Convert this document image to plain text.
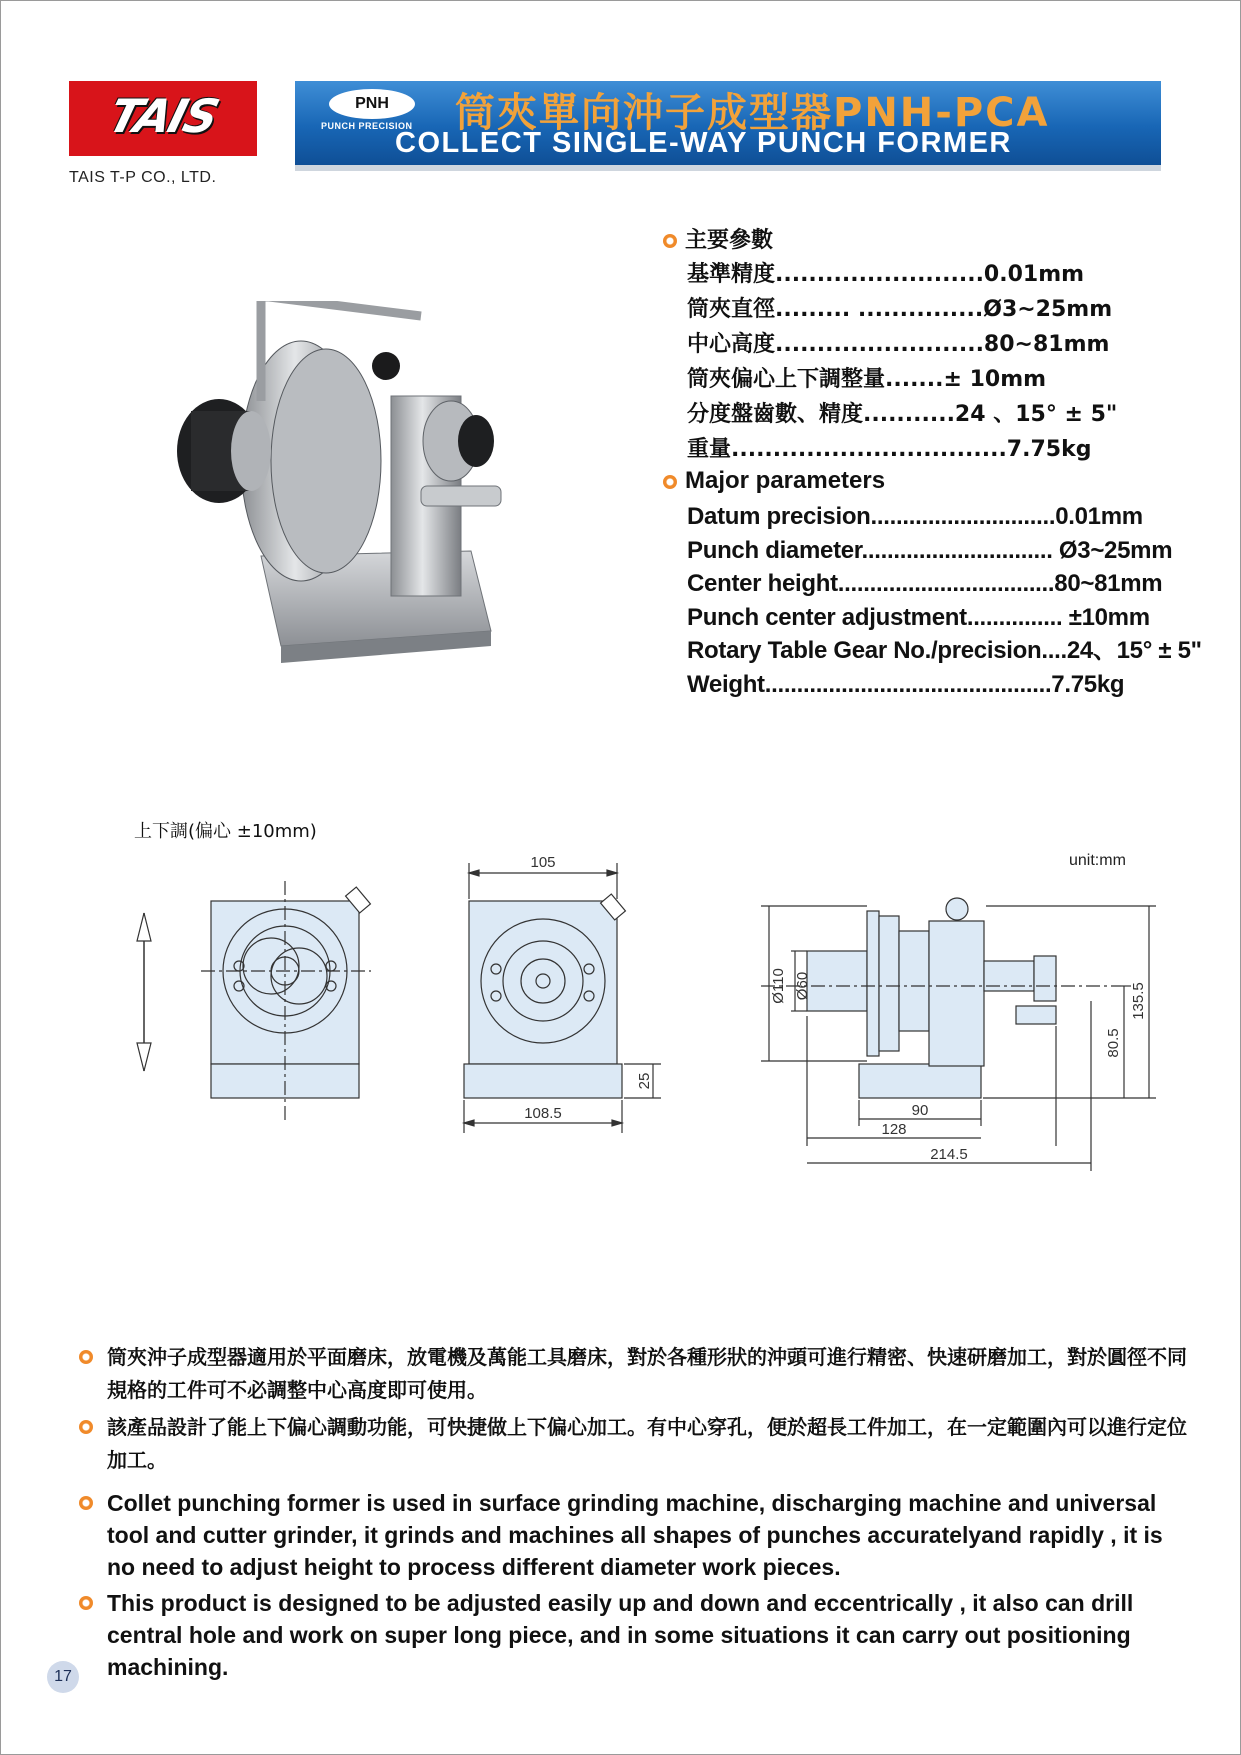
TAIS
TAIS T-P CO., LTD.
PNH
PUNCH PRECISION 筒夾單向沖子成型器PNH-PCA
COLLECT SINGLE-WAY PUNCH FORMER
主要參數
基準精度.........................0.01mm
筒夾直徑......... ...............Ø3~25mm
中心高度.........................80~81mm
筒夾偏心上下調整量.......± 10mm
分度盤齒數、精度...........24 、15° ± 5"
重量.................................7.75kg
Major parameters
Datum precision.............................0.01mm
Punch diameter.............................. Ø3~25mm
Center height..................................80~81mm
Punch center adjustment............... ±10mm
Rotary Table Gear No./precision....24、15° ± 5"
Weight.............................................7.75kg
上下調(偏心 ±10mm)
unit:mm
105
108.5
25
Ø110 Ø60	135.5
80.5
90
128
214.5
筒夾沖子成型器適用於平面磨床，放電機及萬能工具磨床，對於各種形狀的沖頭可進行精密、快速研磨加工，對於圓徑不同規格的工件可不必調整中心高度即可使用。
該產品設計了能上下偏心調動功能，可快捷做上下偏心加工。有中心穿孔，便於超長工件加工，在一定範圍內可以進行定位加工。
Collet punching former is used in surface grinding machine, discharging machine and universal tool and cutter grinder, it grinds and machines all shapes of punches accuratelyand rapidly , it is no need to adjust height to process different diameter work pieces.
This product is designed to be adjusted easily up and down and eccentrically , it also can drill central hole and work on super long piece, and in some situations it can carry out positioning machining.
17
